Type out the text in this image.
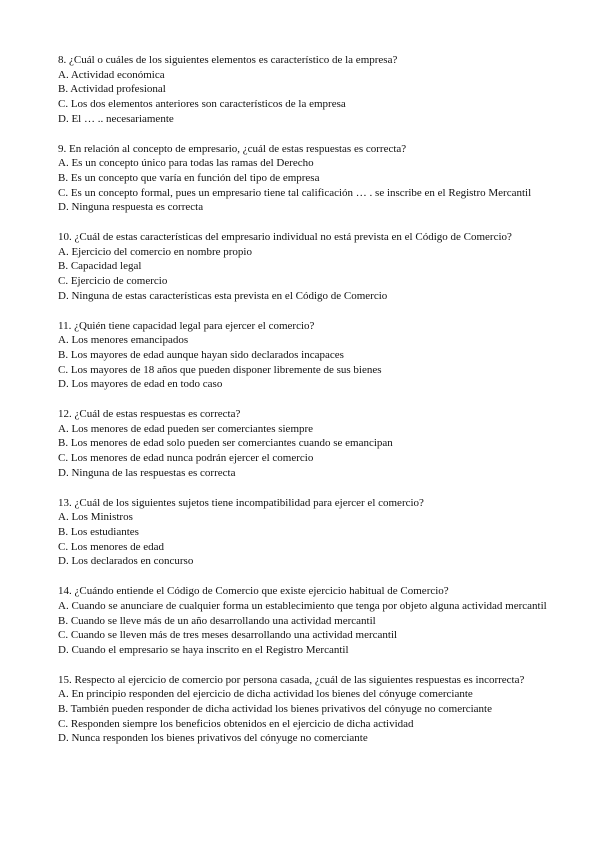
8. ¿Cuál o cuáles de los siguientes elementos es característico de la empresa?
A. Actividad económica
B. Actividad profesional
C. Los dos elementos anteriores son característicos de la empresa
D. El … .. necesariamente
9. En relación al concepto de empresario, ¿cuál de estas respuestas es correcta?
A. Es un concepto único para todas las ramas del Derecho
B. Es un concepto que varía en función del tipo de empresa
C. Es un concepto formal, pues un empresario tiene tal calificación … . se inscribe en el Registro Mercantil
D. Ninguna respuesta es correcta
10. ¿Cuál de estas características del empresario individual no está prevista en el Código de Comercio?
A. Ejercicio del comercio en nombre propio
B. Capacidad legal
C. Ejercicio de comercio
D. Ninguna de estas características esta prevista en el Código de Comercio
11. ¿Quién tiene capacidad legal para ejercer el comercio?
A. Los menores emancipados
B. Los mayores de edad aunque hayan sido declarados incapaces
C. Los mayores de 18 años que pueden disponer libremente de sus bienes
D. Los mayores de edad en todo caso
12. ¿Cuál de estas respuestas es correcta?
A. Los menores de edad pueden ser comerciantes siempre
B. Los menores de edad solo pueden ser comerciantes cuando se emancipan
C. Los menores de edad nunca podrán ejercer el comercio
D. Ninguna de las respuestas es correcta
13. ¿Cuál de los siguientes sujetos tiene incompatibilidad para ejercer el comercio?
A. Los Ministros
B. Los estudiantes
C. Los menores de edad
D. Los declarados en concurso
14. ¿Cuándo entiende el Código de Comercio que existe ejercicio habitual de Comercio?
A. Cuando se anunciare de cualquier forma un establecimiento que tenga por objeto alguna actividad mercantil
B. Cuando se lleve más de un año desarrollando una actividad mercantil
C. Cuando se lleven más de tres meses desarrollando una actividad mercantil
D. Cuando el empresario se haya inscrito en el Registro Mercantil
15. Respecto al ejercicio de comercio por persona casada, ¿cuál de las siguientes respuestas es incorrecta?
A. En principio responden del ejercicio de dicha actividad los bienes del cónyuge comerciante
B. También pueden responder de dicha actividad los bienes privativos del cónyuge no comerciante
C. Responden siempre los beneficios obtenidos en el ejercicio de dicha actividad
D. Nunca responden los bienes privativos del cónyuge no comerciante
